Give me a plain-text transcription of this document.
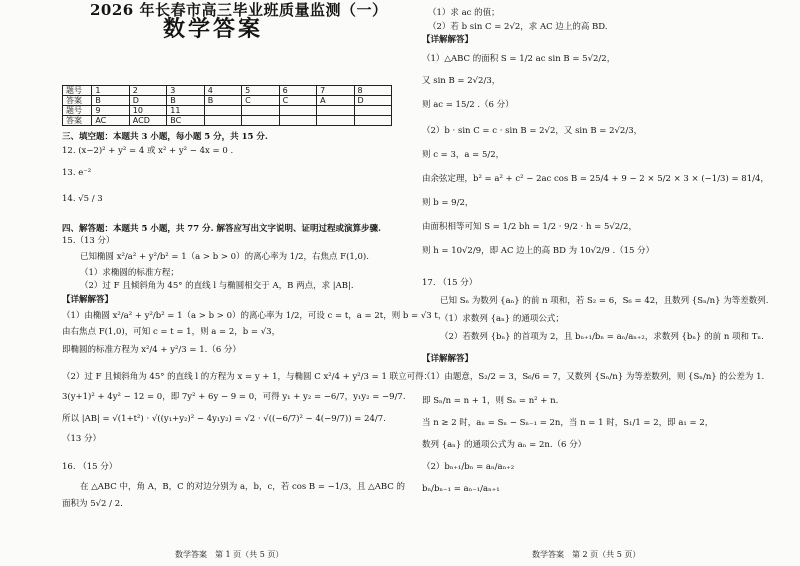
2026 年长春市高三毕业班质量监测（一）
数学答案
题号	1	2	3	4	5	6	7	8
答案	B	D	B	B	C	C	A	D
题号	9	10	11					
答案	AC	ACD	BC					
三、填空题：本题共 3 小题，每小题 5 分，共 15 分.
12. (x−2)² + y² = 4 或 x² + y² − 4x = 0 .
13. e⁻²
14. √5 / 3
四、解答题：本题共 5 小题，共 77 分. 解答应写出文字说明、证明过程或演算步骤.
15.（13 分）
已知椭圆 x²/a² + y²/b² = 1（a > b > 0）的离心率为 1/2，右焦点 F(1,0).
（1）求椭圆的标准方程；
（2）过 F 且倾斜角为 45° 的直线 l 与椭圆相交于 A，B 两点，求 |AB|.
【详解解答】
（1）由椭圆 x²/a² + y²/b² = 1（a > b > 0）的离心率为 1/2，可设 c = t，a = 2t，则 b = √3 t，
由右焦点 F(1,0)，可知 c = t = 1，则 a = 2，b = √3，
即椭圆的标准方程为 x²/4 + y²/3 = 1.（6 分）
（2）过 F 且倾斜角为 45° 的直线 l 的方程为 x = y + 1，与椭圆 C x²/4 + y²/3 = 1 联立可得：
3(y+1)² + 4y² − 12 = 0，即 7y² + 6y − 9 = 0，可得 y₁ + y₂ = −6/7，y₁y₂ = −9/7.
所以 |AB| = √(1+t²) · √((y₁+y₂)² − 4y₁y₂) = √2 · √((−6/7)² − 4(−9/7)) = 24/7.
（13 分）
16. （15 分）
在 △ABC 中，角 A，B，C 的对边分别为 a，b，c，若 cos B = −1/3，且 △ABC 的
面积为 5√2 / 2.
数学答案　第 1 页（共 5 页）
（1）求 ac 的值；
（2）若 b sin C = 2√2，求 AC 边上的高 BD.
【详解解答】
（1）△ABC 的面积 S = 1/2 ac sin B = 5√2/2，
又 sin B = 2√2/3，
则 ac = 15/2 .（6 分）
（2）b · sin C = c · sin B = 2√2，又 sin B = 2√2/3，
则 c = 3，a = 5/2，
由余弦定理，b² = a² + c² − 2ac cos B = 25/4 + 9 − 2 × 5/2 × 3 × (−1/3) = 81/4，
则 b = 9/2，
由面积相等可知 S = 1/2 bh = 1/2 · 9/2 · h = 5√2/2，
则 h = 10√2/9，即 AC 边上的高 BD 为 10√2/9 .（15 分）
17. （15 分）
已知 Sₙ 为数列 {aₙ} 的前 n 项和，若 S₂ = 6，S₆ = 42，且数列 {Sₙ/n} 为等差数列.
（1）求数列 {aₙ} 的通项公式；
（2）若数列 {bₙ} 的首项为 2，且 bₙ₊₁/bₙ = aₙ/aₙ₊₂，求数列 {bₙ} 的前 n 项和 Tₙ.
【详解解答】
（1）由题意，S₂/2 = 3，S₆/6 = 7，又数列 {Sₙ/n} 为等差数列，则 {Sₙ/n} 的公差为 1.
即 Sₙ/n = n + 1，则 Sₙ = n² + n.
当 n ≥ 2 时，aₙ = Sₙ − Sₙ₋₁ = 2n，当 n = 1 时，S₁/1 = 2，即 a₁ = 2，
数列 {aₙ} 的通项公式为 aₙ = 2n.（6 分）
（2）bₙ₊₁/bₙ = aₙ/aₙ₊₂
bₙ/bₙ₋₁ = aₙ₋₁/aₙ₊₁
数学答案　第 2 页（共 5 页）
